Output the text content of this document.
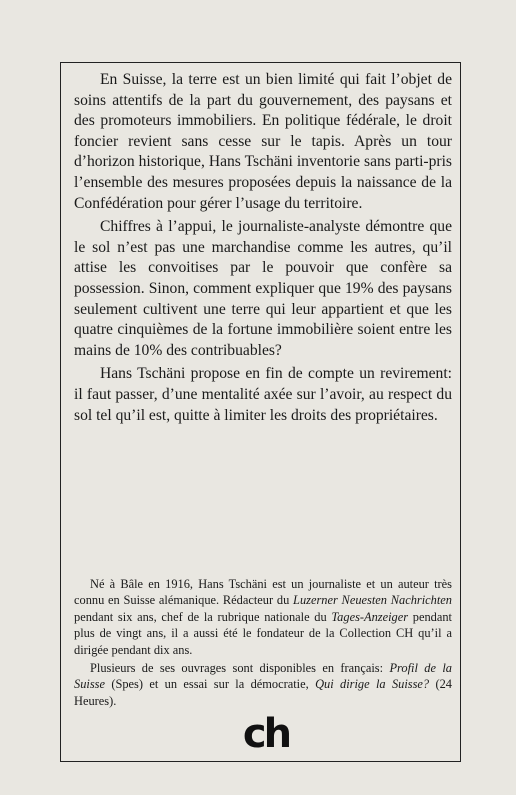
En Suisse, la terre est un bien limité qui fait l’objet de soins attentifs de la part du gouvernement, des paysans et des promoteurs immobiliers. En politique fédérale, le droit foncier revient sans cesse sur le tapis. Après un tour d’horizon historique, Hans Tschäni inventorie sans parti-pris l’ensemble des mesures proposées depuis la naissance de la Confédération pour gérer l’usage du territoire.

Chiffres à l’appui, le journaliste-analyste démontre que le sol n’est pas une marchandise comme les autres, qu’il attise les convoitises par le pouvoir que confère sa possession. Sinon, comment expliquer que 19% des paysans seulement cultivent une terre qui leur appartient et que les quatre cinquièmes de la fortune immobilière soient entre les mains de 10% des contribuables?

Hans Tschäni propose en fin de compte un revirement: il faut passer, d’une mentalité axée sur l’avoir, au respect du sol tel qu’il est, quitte à limiter les droits des propriétaires.

Né à Bâle en 1916, Hans Tschäni est un journaliste et un auteur très connu en Suisse alémanique. Rédacteur du Luzerner Neuesten Nachrichten pendant six ans, chef de la rubrique nationale du Tages-Anzeiger pendant plus de vingt ans, il a aussi été le fondateur de la Collection CH qu’il a dirigée pendant dix ans.

Plusieurs de ses ouvrages sont disponibles en français: Profil de la Suisse (Spes) et un essai sur la démocratie, Qui dirige la Suisse? (24 Heures).

ch
